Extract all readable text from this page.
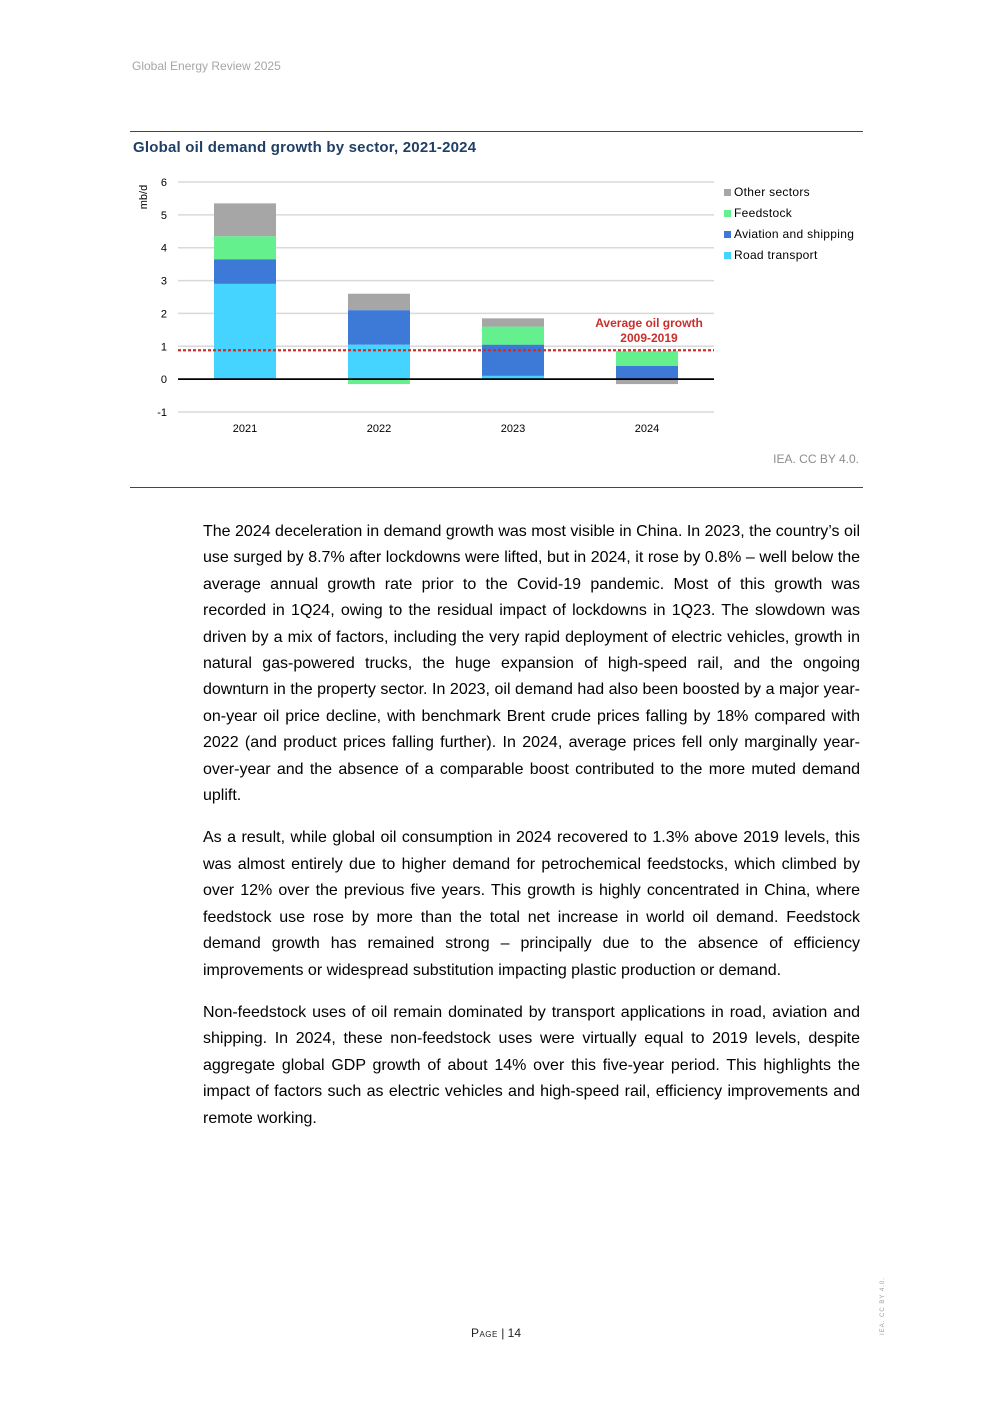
Global Energy Review 2025
Global oil demand growth by sector, 2021-2024
-1
0
1
2
3
4
5
6
mb/d
2021	2022	2023	2024
Average oil growth
2009-2019
Other sectors
Feedstock
Aviation and shipping
Road transport
IEA. CC BY 4.0.

The 2024 deceleration in demand growth was most visible in China. In 2023, the country’s oil use surged by 8.7% after lockdowns were lifted, but in 2024, it rose by 0.8% – well below the average annual growth rate prior to the Covid-19 pandemic. Most of this growth was recorded in 1Q24, owing to the residual impact of lockdowns in 1Q23. The slowdown was driven by a mix of factors, including the very rapid deployment of electric vehicles, growth in natural gas-powered trucks, the huge expansion of high-speed rail, and the ongoing downturn in the property sector. In 2023, oil demand had also been boosted by a major year-on-year oil price decline, with benchmark Brent crude prices falling by 18% compared with 2022 (and product prices falling further). In 2024, average prices fell only marginally year-over-year and the absence of a comparable boost contributed to the more muted demand uplift.

As a result, while global oil consumption in 2024 recovered to 1.3% above 2019 levels, this was almost entirely due to higher demand for petrochemical feedstocks, which climbed by over 12% over the previous five years. This growth is highly concentrated in China, where feedstock use rose by more than the total net increase in world oil demand. Feedstock demand growth has remained strong – principally due to the absence of efficiency improvements or widespread substitution impacting plastic production or demand.

Non-feedstock uses of oil remain dominated by transport applications in road, aviation and shipping. In 2024, these non-feedstock uses were virtually equal to 2019 levels, despite aggregate global GDP growth of about 14% over this five-year period. This highlights the impact of factors such as electric vehicles and high-speed rail, efficiency improvements and remote working.

Page | 14	IEA. CC BY 4.0.
